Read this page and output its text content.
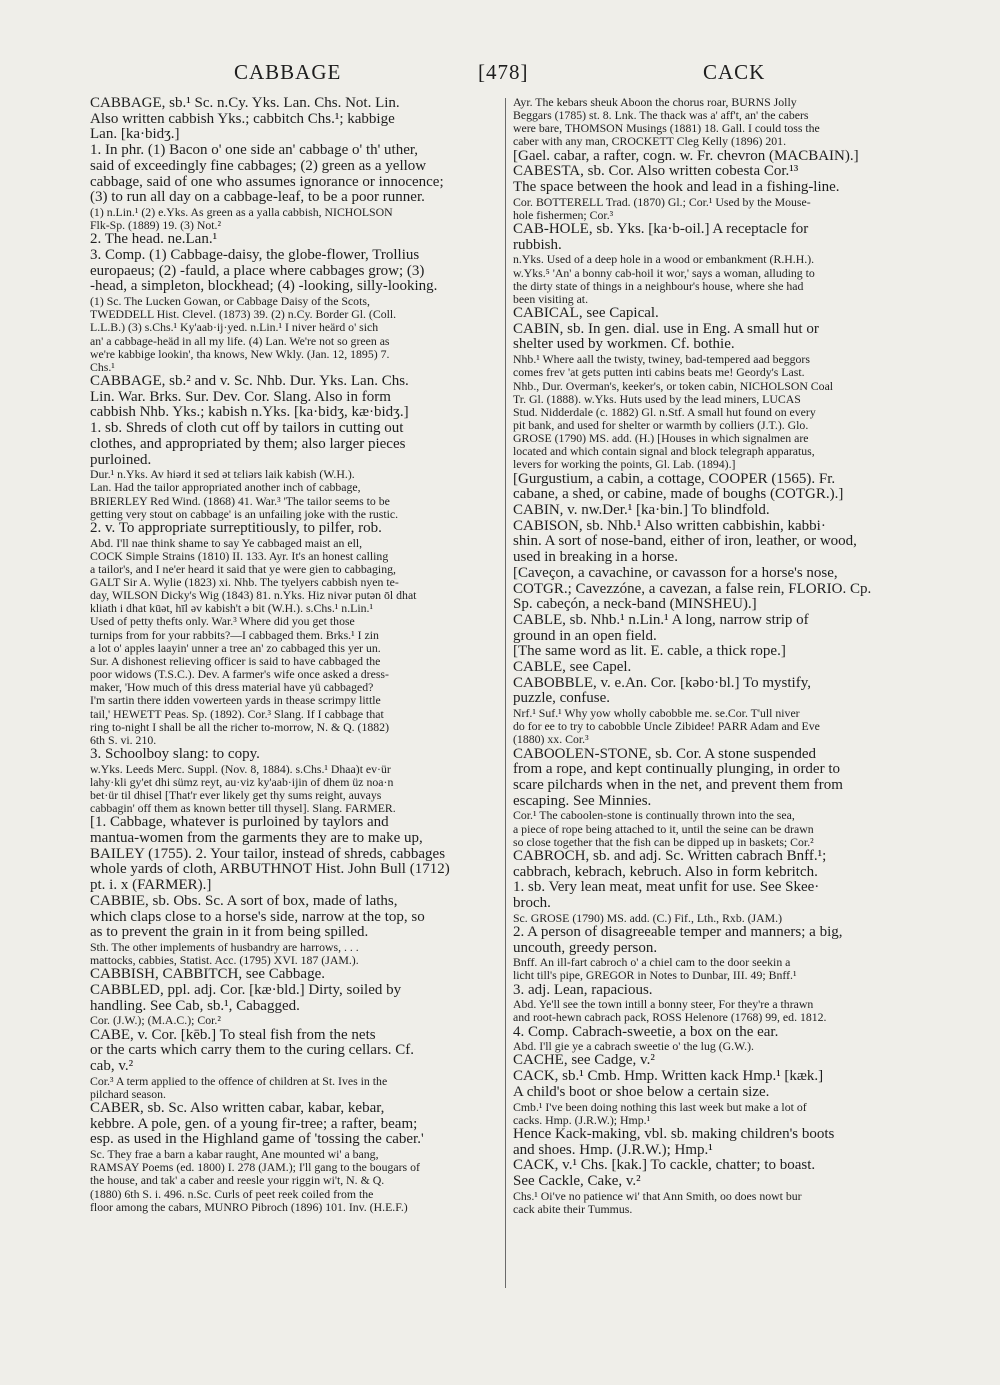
CABBAGE	[478]	CACK
CABBAGE, sb.¹ Sc. n.Cy. Yks. Lan. Chs. Not. Lin.
Also written cabbish Yks.; cabbitch Chs.¹; kabbige
Lan. [ka·bidʒ.]
1. In phr. (1) Bacon o' one side an' cabbage o' th' uther,
said of exceedingly fine cabbages; (2) green as a yellow
cabbage, said of one who assumes ignorance or innocence;
(3) to run all day on a cabbage-leaf, to be a poor runner.
(1) n.Lin.¹ (2) e.Yks. As green as a yalla cabbish, NICHOLSON
Flk-Sp. (1889) 19. (3) Not.²
2. The head. ne.Lan.¹
3. Comp. (1) Cabbage-daisy, the globe-flower, Trollius
europaeus; (2) -fauld, a place where cabbages grow; (3)
-head, a simpleton, blockhead; (4) -looking, silly-looking.
(1) Sc. The Lucken Gowan, or Cabbage Daisy of the Scots,
TWEDDELL Hist. Clevel. (1873) 39. (2) n.Cy. Border Gl. (Coll.
L.L.B.) (3) s.Chs.¹ Ky'aab·ij·yed. n.Lin.¹ I niver heärd o' sich
an' a cabbage-heäd in all my life. (4) Lan. We're not so green as
we're kabbige lookin', tha knows, New Wkly. (Jan. 12, 1895) 7.
Chs.¹
CABBAGE, sb.² and v. Sc. Nhb. Dur. Yks. Lan. Chs.
Lin. War. Brks. Sur. Dev. Cor. Slang. Also in form
cabbish Nhb. Yks.; kabish n.Yks. [ka·bidʒ, kæ·bidʒ.]
1. sb. Shreds of cloth cut off by tailors in cutting out
clothes, and appropriated by them; also larger pieces
purloined.
Dur.¹ n.Yks. Av hiərd it sed ət tɛliərs laik kabish (W.H.).
Lan. Had the tailor appropriated another inch of cabbage,
BRIERLEY Red Wind. (1868) 41. War.³ 'The tailor seems to be
getting very stout on cabbage' is an unfailing joke with the rustic.
2. v. To appropriate surreptitiously, to pilfer, rob.
Abd. I'll nae think shame to say Ye cabbaged maist an ell,
COCK Simple Strains (1810) II. 133. Ayr. It's an honest calling
a tailor's, and I ne'er heard it said that ye were gien to cabbaging,
GALT Sir A. Wylie (1823) xi. Nhb. The tyelyers cabbish nyen te-
day, WILSON Dicky's Wig (1843) 81. n.Yks. Hiz nivər putən ōl dhat
kliath i dhat kūət, hīl əv kabish't ə bit (W.H.). s.Chs.¹ n.Lin.¹
Used of petty thefts only. War.³ Where did you get those
turnips from for your rabbits?—I cabbaged them. Brks.¹ I zin
a lot o' apples laayin' unner a tree an' zo cabbaged this yer un.
Sur. A dishonest relieving officer is said to have cabbaged the
poor widows (T.S.C.). Dev. A farmer's wife once asked a dress-
maker, 'How much of this dress material have yü cabbaged?
I'm sartin there idden vowerteen yards in thease scrimpy little
tail,' HEWETT Peas. Sp. (1892). Cor.³ Slang. If I cabbage that
ring to-night I shall be all the richer to-morrow, N. & Q. (1882)
6th S. vi. 210.
3. Schoolboy slang: to copy.
w.Yks. Leeds Merc. Suppl. (Nov. 8, 1884). s.Chs.¹ Dhaa)t ev·ür
lahy·kli gy'et dhi sümz reyt, au·viz ky'aab·ijin of dhem üz noa·n
bet·ür til dhisel [That'r ever likely get thy sums reight, auvays
cabbagin' off them as known better till thysel]. Slang. FARMER.
[1. Cabbage, whatever is purloined by taylors and
mantua-women from the garments they are to make up,
BAILEY (1755). 2. Your tailor, instead of shreds, cabbages
whole yards of cloth, ARBUTHNOT Hist. John Bull (1712)
pt. i. x (FARMER).]
CABBIE, sb. Obs. Sc. A sort of box, made of laths,
which claps close to a horse's side, narrow at the top, so
as to prevent the grain in it from being spilled.
Sth. The other implements of husbandry are harrows, . . .
mattocks, cabbies, Statist. Acc. (1795) XVI. 187 (JAM.).
CABBISH, CABBITCH, see Cabbage.
CABBLED, ppl. adj. Cor. [kæ·bld.] Dirty, soiled by
handling. See Cab, sb.¹, Cabagged.
Cor. (J.W.); (M.A.C.); Cor.²
CABE, v. Cor. [kēb.] To steal fish from the nets
or the carts which carry them to the curing cellars. Cf.
cab, v.²
Cor.³ A term applied to the offence of children at St. Ives in the
pilchard season.
CABER, sb. Sc. Also written cabar, kabar, kebar,
kebbre. A pole, gen. of a young fir-tree; a rafter, beam;
esp. as used in the Highland game of 'tossing the caber.'
Sc. They frae a barn a kabar raught, Ane mounted wi' a bang,
RAMSAY Poems (ed. 1800) I. 278 (JAM.); I'll gang to the bougars of
the house, and tak' a caber and reesle your riggin wi't, N. & Q.
(1880) 6th S. i. 496. n.Sc. Curls of peet reek coiled from the
floor among the cabars, MUNRO Pibroch (1896) 101. Inv. (H.E.F.)
Ayr. The kebars sheuk Aboon the chorus roar, BURNS Jolly
Beggars (1785) st. 8. Lnk. The thack was a' aff't, an' the cabers
were bare, THOMSON Musings (1881) 18. Gall. I could toss the
caber with any man, CROCKETT Cleg Kelly (1896) 201.
[Gael. cabar, a rafter, cogn. w. Fr. chevron (MACBAIN).]
CABESTA, sb. Cor. Also written cobesta Cor.¹³
The space between the hook and lead in a fishing-line.
Cor. BOTTERELL Trad. (1870) Gl.; Cor.¹ Used by the Mouse-
hole fishermen; Cor.³
CAB-HOLE, sb. Yks. [ka·b-oil.] A receptacle for
rubbish.
n.Yks. Used of a deep hole in a wood or embankment (R.H.H.).
w.Yks.⁵ 'An' a bonny cab-hoil it wor,' says a woman, alluding to
the dirty state of things in a neighbour's house, where she had
been visiting at.
CABICAL, see Capical.
CABIN, sb. In gen. dial. use in Eng. A small hut or
shelter used by workmen. Cf. bothie.
Nhb.¹ Where aall the twisty, twiney, bad-tempered aad beggors
comes frev 'at gets putten inti cabins beats me! Geordy's Last.
Nhb., Dur. Overman's, keeker's, or token cabin, NICHOLSON Coal
Tr. Gl. (1888). w.Yks. Huts used by the lead miners, LUCAS
Stud. Nidderdale (c. 1882) Gl. n.Stf. A small hut found on every
pit bank, and used for shelter or warmth by colliers (J.T.). Glo.
GROSE (1790) MS. add. (H.) [Houses in which signalmen are
located and which contain signal and block telegraph apparatus,
levers for working the points, Gl. Lab. (1894).]
[Gurgustium, a cabin, a cottage, COOPER (1565). Fr.
cabane, a shed, or cabine, made of boughs (COTGR.).]
CABIN, v. nw.Der.¹ [ka·bin.] To blindfold.
CABISON, sb. Nhb.¹ Also written cabbishin, kabbi·
shin. A sort of nose-band, either of iron, leather, or wood,
used in breaking in a horse.
[Caveçon, a cavachine, or cavasson for a horse's nose,
COTGR.; Cavezzóne, a cavezan, a false rein, FLORIO. Cp.
Sp. cabeçón, a neck-band (MINSHEU).]
CABLE, sb. Nhb.¹ n.Lin.¹ A long, narrow strip of
ground in an open field.
[The same word as lit. E. cable, a thick rope.]
CABLE, see Capel.
CABOBBLE, v. e.An. Cor. [kəbo·bl.] To mystify,
puzzle, confuse.
Nrf.¹ Suf.¹ Why yow wholly cabobble me. se.Cor. T'ull niver
do for ee to try to cabobble Uncle Zibidee! PARR Adam and Eve
(1880) xx. Cor.³
CABOOLEN-STONE, sb. Cor. A stone suspended
from a rope, and kept continually plunging, in order to
scare pilchards when in the net, and prevent them from
escaping. See Minnies.
Cor.¹ The caboolen-stone is continually thrown into the sea,
a piece of rope being attached to it, until the seine can be drawn
so close together that the fish can be dipped up in baskets; Cor.²
CABROCH, sb. and adj. Sc. Written cabrach Bnff.¹;
cabbrach, kebrach, kebruch. Also in form kebritch.
1. sb. Very lean meat, meat unfit for use. See Skee·
broch.
Sc. GROSE (1790) MS. add. (C.) Fif., Lth., Rxb. (JAM.)
2. A person of disagreeable temper and manners; a big,
uncouth, greedy person.
Bnff. An ill-fart cabroch o' a chiel cam to the door seekin a
licht till's pipe, GREGOR in Notes to Dunbar, III. 49; Bnff.¹
3. adj. Lean, rapacious.
Abd. Ye'll see the town intill a bonny steer, For they're a thrawn
and root-hewn cabrach pack, ROSS Helenore (1768) 99, ed. 1812.
4. Comp. Cabrach-sweetie, a box on the ear.
Abd. I'll gie ye a cabrach sweetie o' the lug (G.W.).
CACHE, see Cadge, v.²
CACK, sb.¹ Cmb. Hmp. Written kack Hmp.¹ [kæk.]
A child's boot or shoe below a certain size.
Cmb.¹ I've been doing nothing this last week but make a lot of
cacks. Hmp. (J.R.W.); Hmp.¹
Hence Kack-making, vbl. sb. making children's boots
and shoes. Hmp. (J.R.W.); Hmp.¹
CACK, v.¹ Chs. [kak.] To cackle, chatter; to boast.
See Cackle, Cake, v.²
Chs.¹ Oi've no patience wi' that Ann Smith, oo does nowt bur
cack abite their Tummus.
